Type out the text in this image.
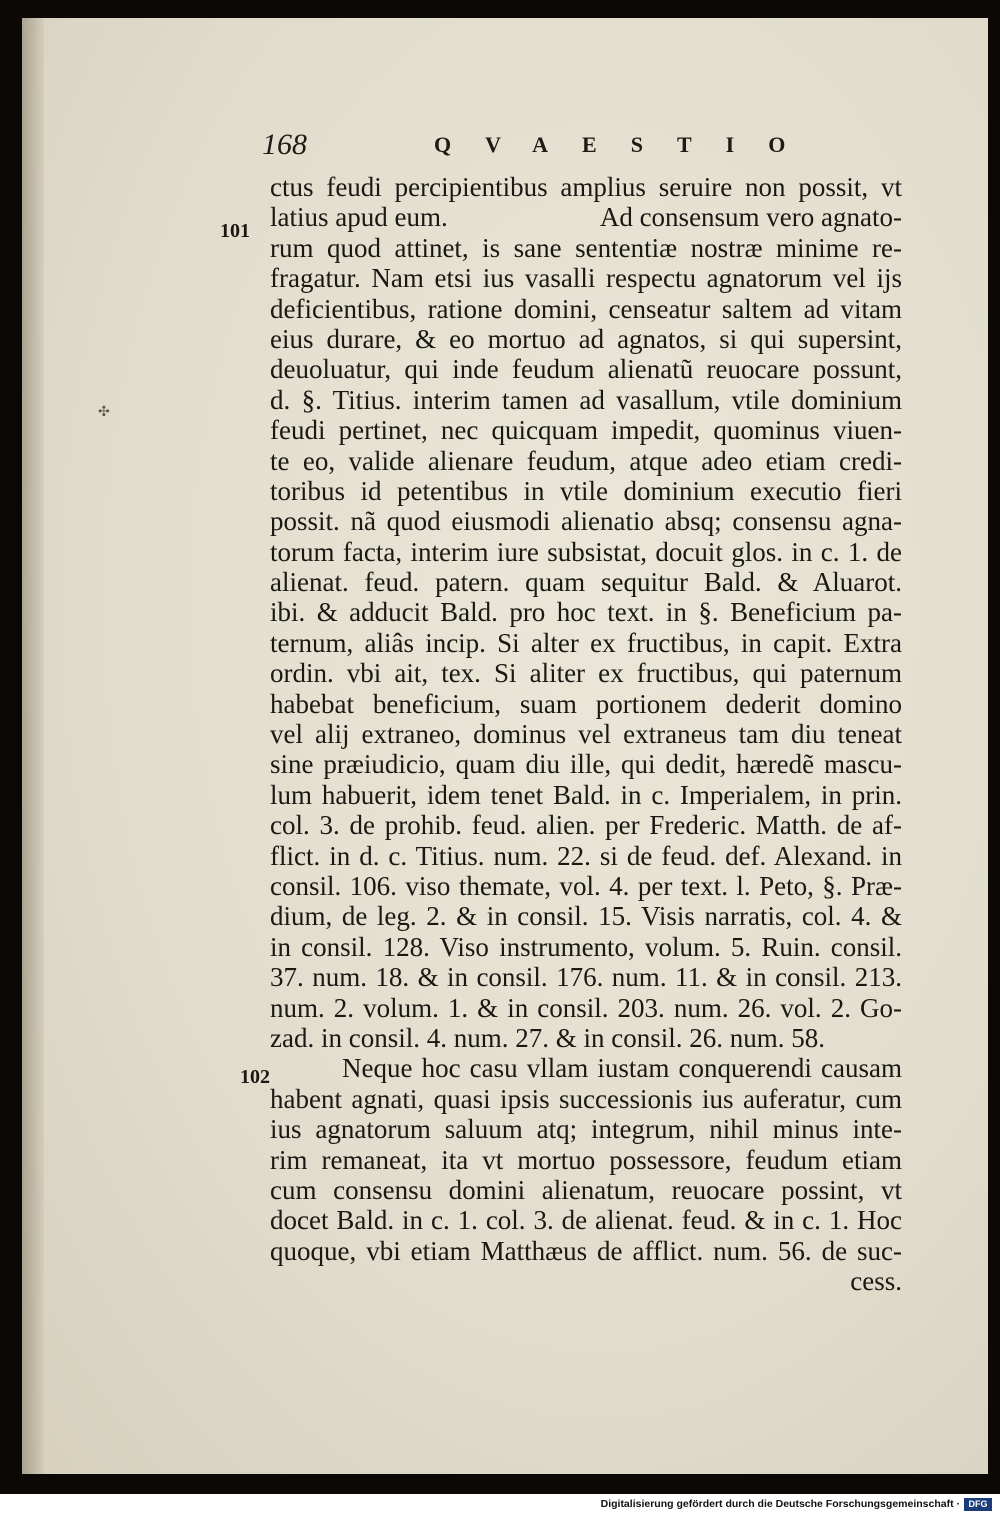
168	QVAESTIO
✣
101
102
ctus feudi percipientibus amplius seruire non possit, vt
latius apud eum.	Ad consensum vero agnato-
rum quod attinet, is sane sententiæ nostræ minime re-
fragatur. Nam etsi ius vasalli respectu agnatorum vel ijs
deficientibus, ratione domini, censeatur saltem ad vitam
eius durare, & eo mortuo ad agnatos, si qui supersint,
deuoluatur, qui inde feudum alienatũ reuocare possunt,
d. §. Titius. interim tamen ad vasallum, vtile dominium
feudi pertinet, nec quicquam impedit, quominus viuen-
te eo, valide alienare feudum, atque adeo etiam credi-
toribus id petentibus in vtile dominium executio fieri
possit. nã quod eiusmodi alienatio absq; consensu agna-
torum facta, interim iure subsistat, docuit glos. in c. 1. de
alienat. feud. patern. quam sequitur Bald. & Aluarot.
ibi. & adducit Bald. pro hoc text. in §. Beneficium pa-
ternum, aliâs incip. Si alter ex fructibus, in capit. Extra
ordin. vbi ait, tex. Si aliter ex fructibus, qui paternum
habebat beneficium, suam portionem dederit domino
vel alij extraneo, dominus vel extraneus tam diu teneat
sine præiudicio, quam diu ille, qui dedit, hæredẽ mascu-
lum habuerit, idem tenet Bald. in c. Imperialem, in prin.
col. 3. de prohib. feud. alien. per Frederic. Matth. de af-
flict. in d. c. Titius. num. 22. si de feud. def. Alexand. in
consil. 106. viso themate, vol. 4. per text. l. Peto, §. Præ-
dium, de leg. 2. & in consil. 15. Visis narratis, col. 4. &
in consil. 128. Viso instrumento, volum. 5. Ruin. consil.
37. num. 18. & in consil. 176. num. 11. & in consil. 213.
num. 2. volum. 1. & in consil. 203. num. 26. vol. 2. Go-
zad. in consil. 4. num. 27. & in consil. 26. num. 58.
Neque hoc casu vllam iustam conquerendi causam
habent agnati, quasi ipsis successionis ius auferatur, cum
ius agnatorum saluum atq; integrum, nihil minus inte-
rim remaneat, ita vt mortuo possessore, feudum etiam
cum consensu domini alienatum, reuocare possint, vt
docet Bald. in c. 1. col. 3. de alienat. feud. & in c. 1. Hoc
quoque, vbi etiam Matthæus de afflict. num. 56. de suc-
cess.
Digitalisierung gefördert durch die Deutsche Forschungsgemeinschaft · DFG
